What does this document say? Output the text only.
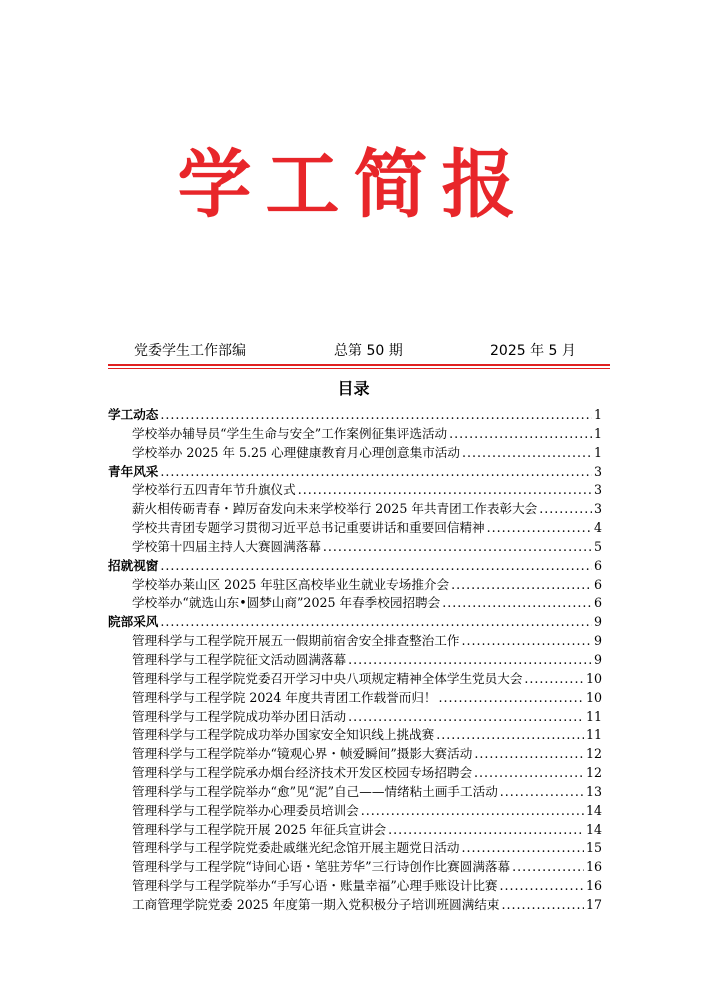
学工简报
党委学生工作部编	总第 50 期	2025 年 5 月
目录
学工动态 .....	1
学校举办辅导员“学生生命与安全”工作案例征集评选活动 .....	1
学校举办 2025 年 5.25 心理健康教育月心理创意集市活动 .....	1
青年风采 .....	3
学校举行五四青年节升旗仪式 .....	3
薪火相传砺青春・踔厉奋发向未来学校举行 2025 年共青团工作表彰大会 .....	3
学校共青团专题学习贯彻习近平总书记重要讲话和重要回信精神 .....	4
学校第十四届主持人大赛圆满落幕 .....	5
招就视窗 .....	6
学校举办莱山区 2025 年驻区高校毕业生就业专场推介会 .....	6
学校举办“就选山东•圆梦山商”2025 年春季校园招聘会 .....	6
院部采风 .....	9
管理科学与工程学院开展五一假期前宿舍安全排查整治工作 .....	9
管理科学与工程学院征文活动圆满落幕 .....	9
管理科学与工程学院党委召开学习中央八项规定精神全体学生党员大会 .....	10
管理科学与工程学院 2024 年度共青团工作载誉而归！ .....	10
管理科学与工程学院成功举办团日活动 .....	11
管理科学与工程学院成功举办国家安全知识线上挑战赛 .....	11
管理科学与工程学院举办“镜观心界・帧爱瞬间”摄影大赛活动 .....	12
管理科学与工程学院承办烟台经济技术开发区校园专场招聘会 .....	12
管理科学与工程学院举办“愈”见“泥”自己——情绪粘土画手工活动 .....	13
管理科学与工程学院举办心理委员培训会 .....	14
管理科学与工程学院开展 2025 年征兵宣讲会 .....	14
管理科学与工程学院党委赴戚继光纪念馆开展主题党日活动 .....	15
管理科学与工程学院“诗间心语・笔驻芳华”三行诗创作比赛圆满落幕 .....	16
管理科学与工程学院举办“手写心语・账量幸福”心理手账设计比赛 .....	16
工商管理学院党委 2025 年度第一期入党积极分子培训班圆满结束 .....	17
